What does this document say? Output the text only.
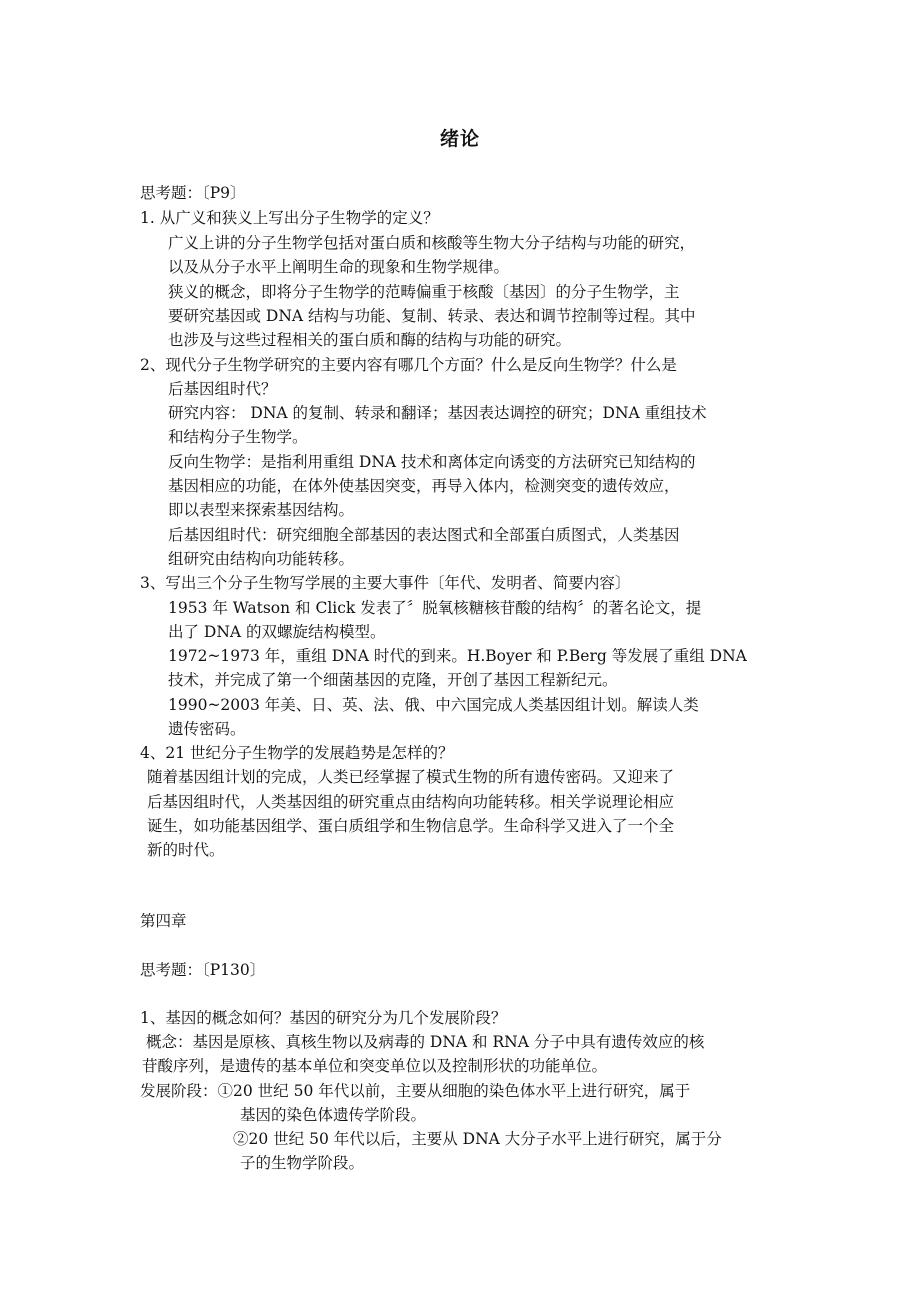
绪论
思考题：〔P9〕
1. 从广义和狭义上写出分子生物学的定义？
广义上讲的分子生物学包括对蛋白质和核酸等生物大分子结构与功能的研究，
以及从分子水平上阐明生命的现象和生物学规律。
狭义的概念，即将分子生物学的范畴偏重于核酸〔基因〕的分子生物学，主
要研究基因或 DNA 结构与功能、复制、转录、表达和调节控制等过程。其中
也涉及与这些过程相关的蛋白质和酶的结构与功能的研究。
2、现代分子生物学研究的主要内容有哪几个方面？什么是反向生物学？什么是
后基因组时代？
研究内容： DNA 的复制、转录和翻译；基因表达调控的研究；DNA 重组技术
和结构分子生物学。
反向生物学：是指利用重组 DNA 技术和离体定向诱变的方法研究已知结构的
基因相应的功能，在体外使基因突变，再导入体内，检测突变的遗传效应，
即以表型来探索基因结构。
后基因组时代：研究细胞全部基因的表达图式和全部蛋白质图式，人类基因
组研究由结构向功能转移。
3、写出三个分子生物写学展的主要大事件〔年代、发明者、简要内容〕
1953 年 Watson 和 Click 发表了〞脱氧核糖核苷酸的结构〞的著名论文，提
出了 DNA 的双螺旋结构模型。
1972~1973 年，重组 DNA 时代的到来。H.Boyer 和 P.Berg 等发展了重组 DNA
技术，并完成了第一个细菌基因的克隆，开创了基因工程新纪元。
1990~2003 年美、日、英、法、俄、中六国完成人类基因组计划。解读人类
遗传密码。
4、21 世纪分子生物学的发展趋势是怎样的？
随着基因组计划的完成，人类已经掌握了模式生物的所有遗传密码。又迎来了
后基因组时代，人类基因组的研究重点由结构向功能转移。相关学说理论相应
诞生，如功能基因组学、蛋白质组学和生物信息学。生命科学又进入了一个全
新的时代。
第四章
思考题：〔P130〕
1、基因的概念如何？基因的研究分为几个发展阶段？
概念：基因是原核、真核生物以及病毒的 DNA 和 RNA 分子中具有遗传效应的核
苷酸序列，是遗传的基本单位和突变单位以及控制形状的功能单位。
发展阶段：①20 世纪 50 年代以前，主要从细胞的染色体水平上进行研究，属于
基因的染色体遗传学阶段。
②20 世纪 50 年代以后，主要从 DNA 大分子水平上进行研究，属于分
子的生物学阶段。
